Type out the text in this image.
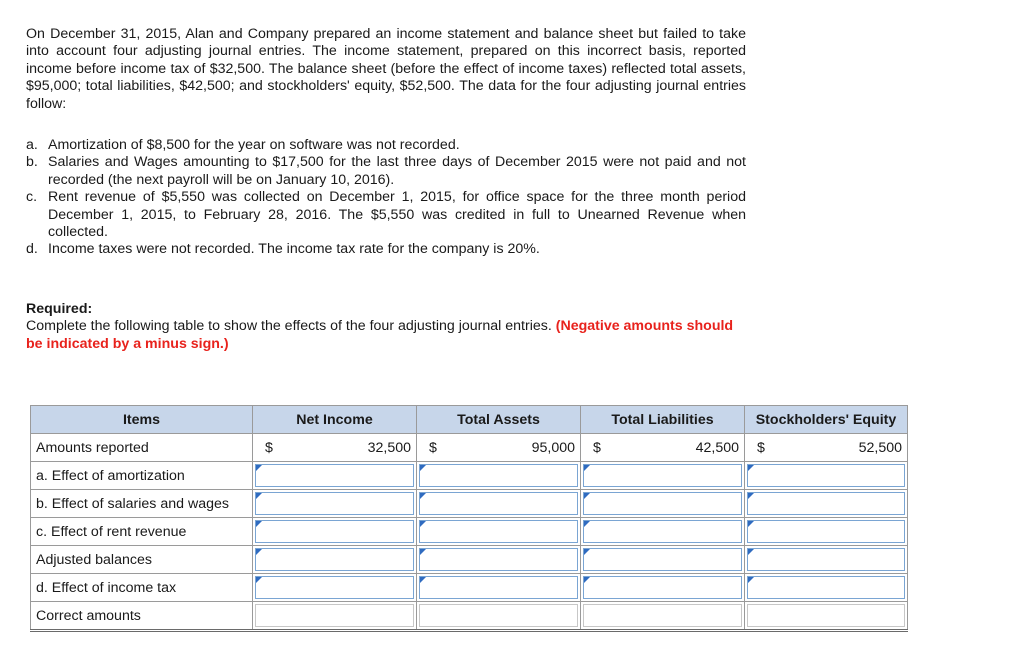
On December 31, 2015, Alan and Company prepared an income statement and balance sheet but failed to take into account four adjusting journal entries. The income statement, prepared on this incorrect basis, reported income before income tax of $32,500. The balance sheet (before the effect of income taxes) reflected total assets, $95,000; total liabilities, $42,500; and stockholders' equity, $52,500. The data for the four adjusting journal entries follow:

a. Amortization of $8,500 for the year on software was not recorded.
b. Salaries and Wages amounting to $17,500 for the last three days of December 2015 were not paid and not recorded (the next payroll will be on January 10, 2016).
c. Rent revenue of $5,550 was collected on December 1, 2015, for office space for the three month period December 1, 2015, to February 28, 2016. The $5,550 was credited in full to Unearned Revenue when collected.
d. Income taxes were not recorded. The income tax rate for the company is 20%.
Required:
Complete the following table to show the effects of the four adjusting journal entries. (Negative amounts should be indicated by a minus sign.)
Items	Net Income	Total Assets	Total Liabilities	Stockholders' Equity
Amounts reported	$ 32,500	$ 95,000	$ 42,500	$ 52,500

a. Effect of amortization	

b. Effect of salaries and wages	

c. Effect of rent revenue	

Adjusted balances	

d. Effect of income tax	

Correct amounts	
